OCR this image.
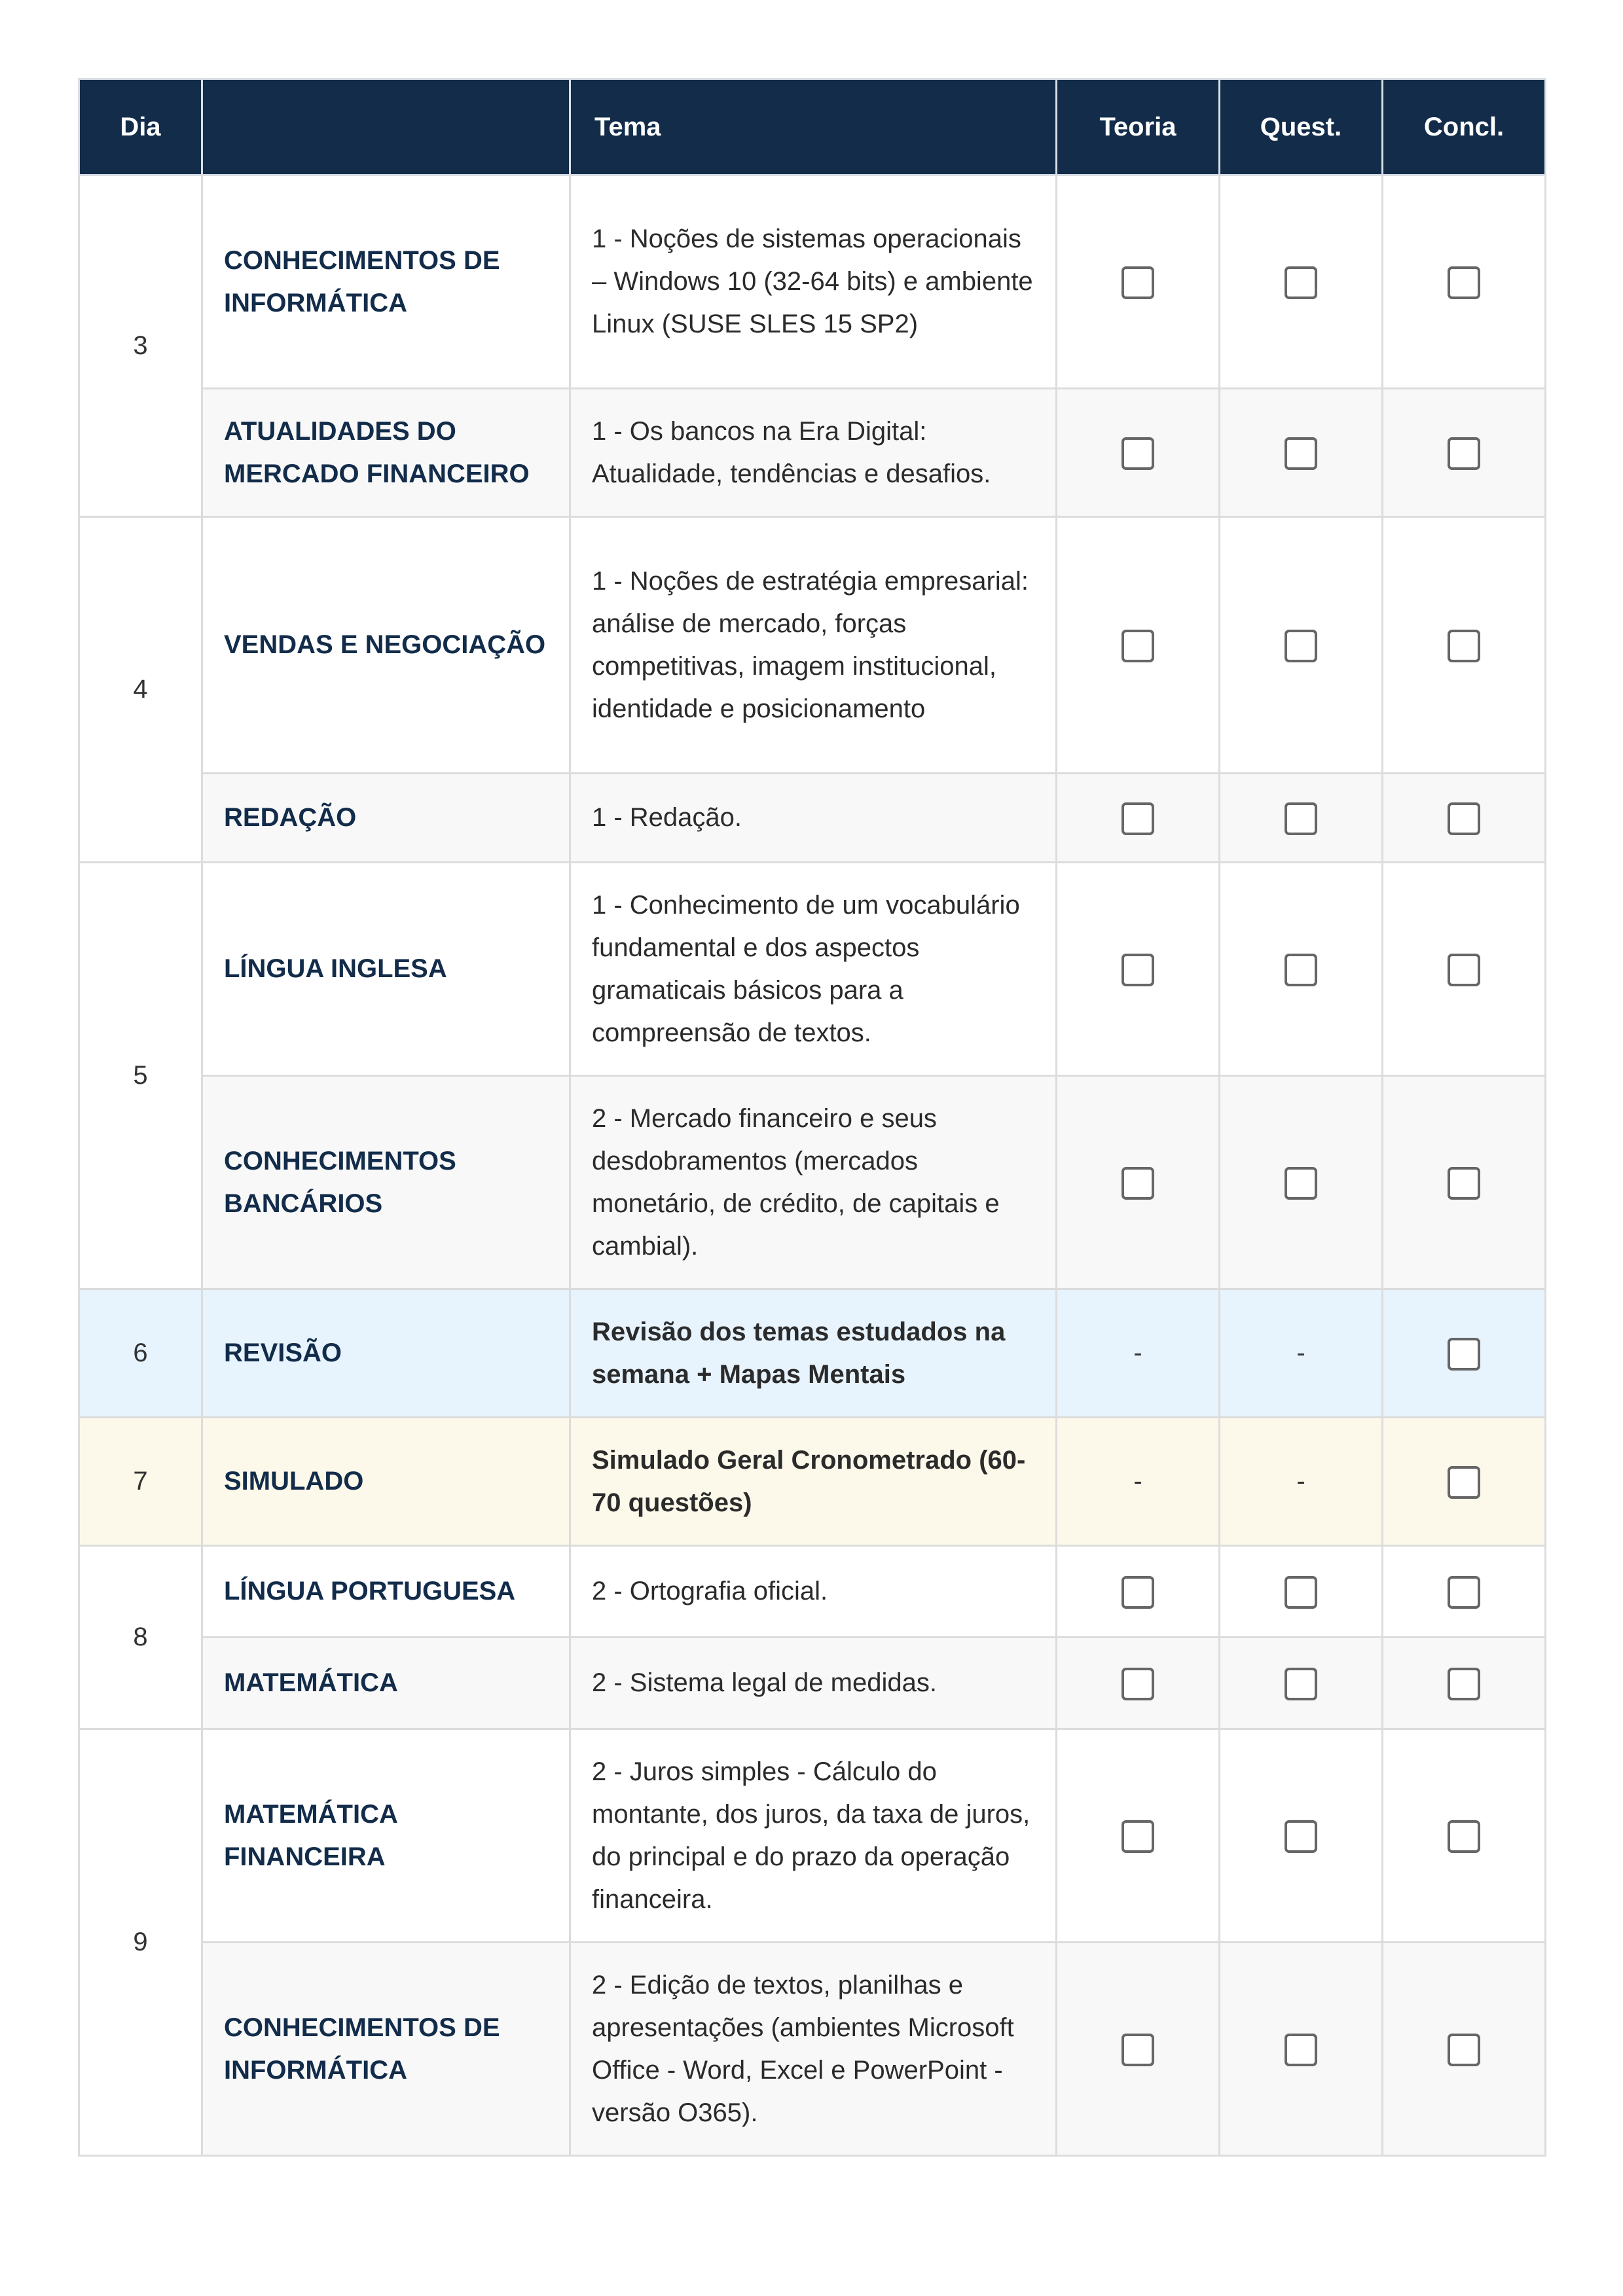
Dia		Tema	Teoria	Quest.	Concl.
3	CONHECIMENTOS DE INFORMÁTICA	1 - Noções de sistemas operacionais – Windows 10 (32-64 bits) e ambiente Linux (SUSE SLES 15 SP2)			
	ATUALIDADES DO MERCADO FINANCEIRO	1 - Os bancos na Era Digital: Atualidade, tendências e desafios.			
4	VENDAS E NEGOCIAÇÃO	1 - Noções de estratégia empresarial: análise de mercado, forças competitivas, imagem institucional, identidade e posicionamento			
	REDAÇÃO	1 - Redação.			
5	LÍNGUA INGLESA	1 - Conhecimento de um vocabulário fundamental e dos aspectos gramaticais básicos para a compreensão de textos.			
	CONHECIMENTOS BANCÁRIOS	2 - Mercado financeiro e seus desdobramentos (mercados monetário, de crédito, de capitais e cambial).			
6	REVISÃO	Revisão dos temas estudados na semana + Mapas Mentais	-	-	
7	SIMULADO	Simulado Geral Cronometrado (60-70 questões)	-	-	
8	LÍNGUA PORTUGUESA	2 - Ortografia oficial.			
	MATEMÁTICA	2 - Sistema legal de medidas.			
9	MATEMÁTICA FINANCEIRA	2 - Juros simples - Cálculo do montante, dos juros, da taxa de juros, do principal e do prazo da operação financeira.			
	CONHECIMENTOS DE INFORMÁTICA	2 - Edição de textos, planilhas e apresentações (ambientes Microsoft Office - Word, Excel e PowerPoint - versão O365).			
